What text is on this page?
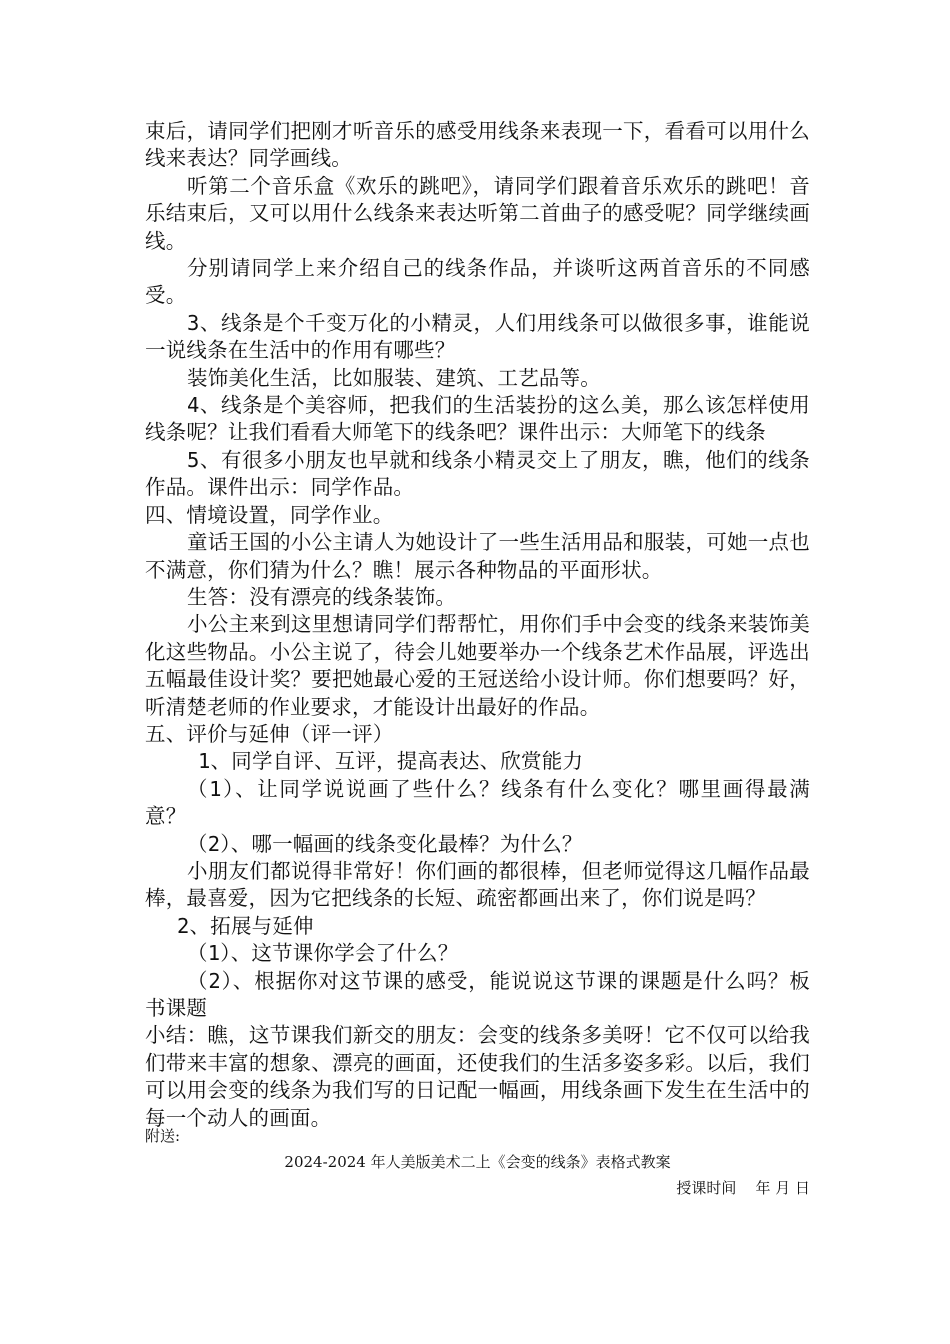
束后，请同学们把刚才听音乐的感受用线条来表现一下，看看可以用什么线来表达？同学画线。

听第二个音乐盒《欢乐的跳吧》，请同学们跟着音乐欢乐的跳吧！音乐结束后，又可以用什么线条来表达听第二首曲子的感受呢？同学继续画线。

分别请同学上来介绍自己的线条作品，并谈听这两首音乐的不同感受。

3、线条是个千变万化的小精灵，人们用线条可以做很多事，谁能说一说线条在生活中的作用有哪些？

装饰美化生活，比如服装、建筑、工艺品等。

4、线条是个美容师，把我们的生活装扮的这么美，那么该怎样使用线条呢？让我们看看大师笔下的线条吧？课件出示：大师笔下的线条

5、有很多小朋友也早就和线条小精灵交上了朋友，瞧，他们的线条作品。课件出示：同学作品。

四、情境设置，同学作业。

童话王国的小公主请人为她设计了一些生活用品和服装，可她一点也不满意，你们猜为什么？瞧！展示各种物品的平面形状。

生答：没有漂亮的线条装饰。

小公主来到这里想请同学们帮帮忙，用你们手中会变的线条来装饰美化这些物品。小公主说了，待会儿她要举办一个线条艺术作品展，评选出五幅最佳设计奖？要把她最心爱的王冠送给小设计师。你们想要吗？好，听清楚老师的作业要求，才能设计出最好的作品。

五、评价与延伸（评一评）

1、同学自评、互评，提高表达、欣赏能力

（1）、让同学说说画了些什么？线条有什么变化？哪里画得最满意？

（2）、哪一幅画的线条变化最棒？为什么？

小朋友们都说得非常好！你们画的都很棒，但老师觉得这几幅作品最棒，最喜爱，因为它把线条的长短、疏密都画出来了，你们说是吗？

2、拓展与延伸

（1）、这节课你学会了什么？

（2）、根据你对这节课的感受，能说说这节课的课题是什么吗？板书课题

小结：瞧，这节课我们新交的朋友：会变的线条多美呀！它不仅可以给我们带来丰富的想象、漂亮的画面，还使我们的生活多姿多彩。以后，我们可以用会变的线条为我们写的日记配一幅画，用线条画下发生在生活中的每一个动人的画面。

附送:
2024-2024 年人美版美术二上《会变的线条》表格式教案
授课时间    年 月 日
